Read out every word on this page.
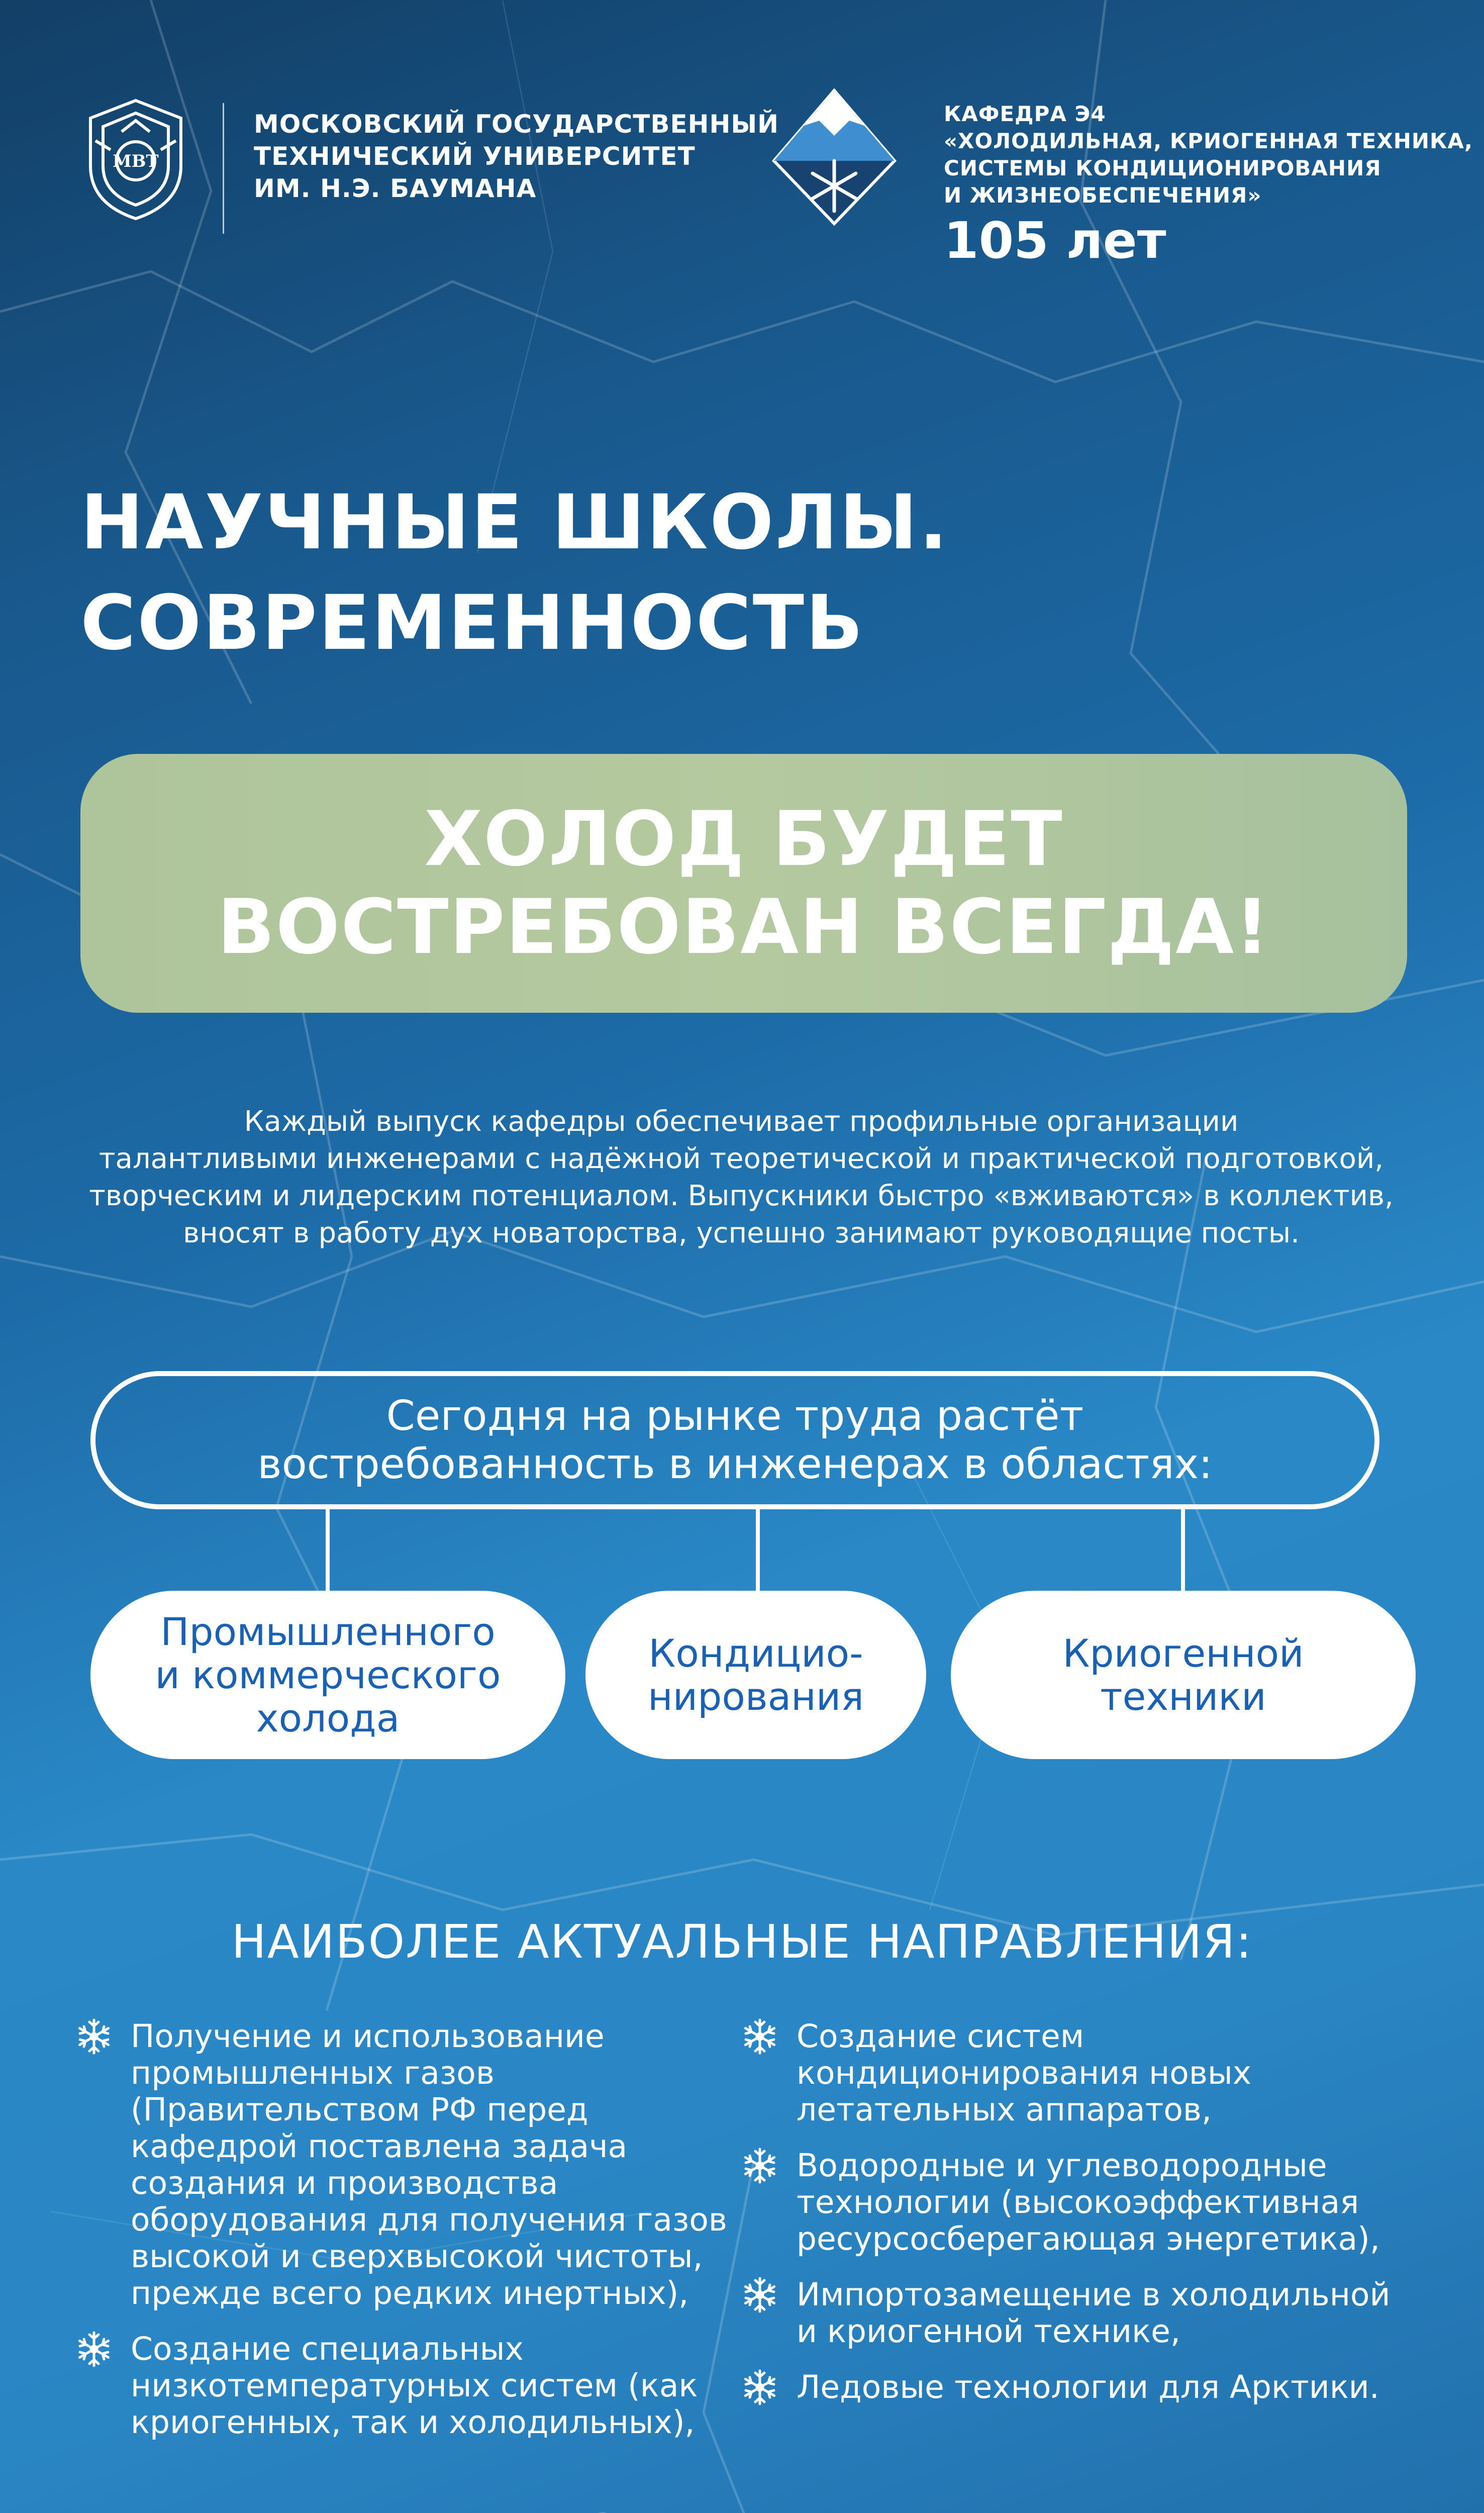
MBT
МОСКОВСКИЙ ГОСУДАРСТВЕННЫЙ
ТЕХНИЧЕСКИЙ УНИВЕРСИТЕТ
ИМ. Н.Э. БАУМАНА
КАФЕДРА Э4
«ХОЛОДИЛЬНАЯ, КРИОГЕННАЯ ТЕХНИКА,
СИСТЕМЫ КОНДИЦИОНИРОВАНИЯ
И ЖИЗНЕОБЕСПЕЧЕНИЯ»
105 лет
НАУЧНЫЕ ШКОЛЫ.
СОВРЕМЕННОСТЬ
ХОЛОД БУДЕТ
ВОСТРЕБОВАН ВСЕГДА!
Каждый выпуск кафедры обеспечивает профильные организации
талантливыми инженерами с надёжной теоретической и практической подготовкой,
творческим и лидерским потенциалом. Выпускники быстро «вживаются» в коллектив,
вносят в работу дух новаторства, успешно занимают руководящие посты.
Сегодня на рынке труда растёт
востребованность в инженерах в областях:
Промышленного
и коммерческого
холода
Кондицио-
нирования
Криогенной
техники
НАИБОЛЕЕ АКТУАЛЬНЫЕ НАПРАВЛЕНИЯ:
Получение и использование
промышленных газов
(Правительством РФ перед
кафедрой поставлена задача
создания и производства
оборудования для получения газов
высокой и сверхвысокой чистоты,
прежде всего редких инертных),
Создание специальных
низкотемпературных систем (как
криогенных, так и холодильных),
Создание систем
кондиционирования новых
летательных аппаратов,
Водородные и углеводородные
технологии (высокоэффективная
ресурсосберегающая энергетика),
Импортозамещение в холодильной
и криогенной технике,
Ледовые технологии для Арктики.
